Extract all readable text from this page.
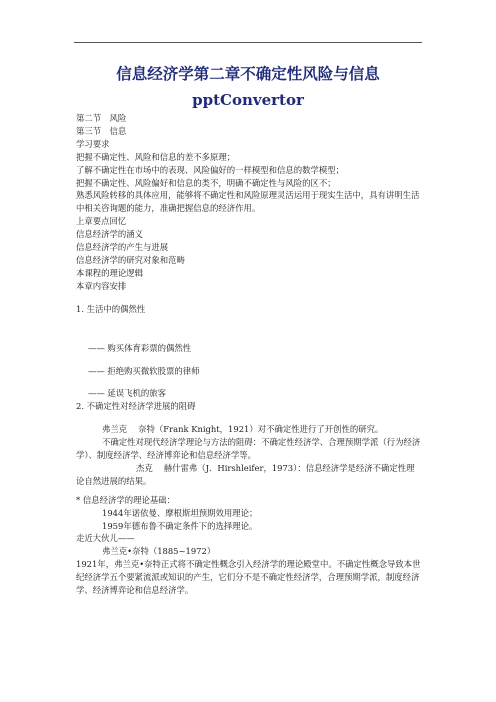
信息经济学第二章不确定性风险与信息
pptConvertor
第二节　风险
第三节　信息
学习要求
把握不确定性、风险和信息的差不多原理；
了解不确定性在市场中的表现、风险偏好的一样模型和信息的数学模型；
把握不确定性、风险偏好和信息的类不，明确不确定性与风险的区不；
熟悉风险转移的具体应用，能够将不确定性和风险原理灵活运用于现实生活中，具有讲明生活中相关咨询题的能力，准确把握信息的经济作用。
上章要点回忆
信息经济学的涵义
信息经济学的产生与进展
信息经济学的研究对象和范畴
本课程的理论逻辑
本章内容安排
1. 生活中的偶然性
—— 购买体育彩票的偶然性
—— 拒绝购买微软股票的律师
—— 延误飞机的旅客
2. 不确定性对经济学进展的阻碍
弗兰克　 奈特（Frank Knight，1921）对不确定性进行了开创性的研究。
不确定性对现代经济学理论与方法的阻碍：不确定性经济学、合理预期学派（行为经济学）、制度经济学、经济博弈论和信息经济学等。
杰克　 赫什雷弗（J．Hirshleifer，1973）：信息经济学是经济不确定性理论自然进展的结果。
* 信息经济学的理论基础：
1944年诺依曼、摩根斯坦预期效用理论；
1959年德布鲁不确定条件下的选择理论。
走近大伙儿——
弗兰克•奈特（1885~1972）
1921年，弗兰克•奈特正式将不确定性概念引入经济学的理论殿堂中。不确定性概念导致本世纪经济学五个要紧流派或知识的产生，它们分不是不确定性经济学，合理预期学派，制度经济学、经济博弈论和信息经济学。
